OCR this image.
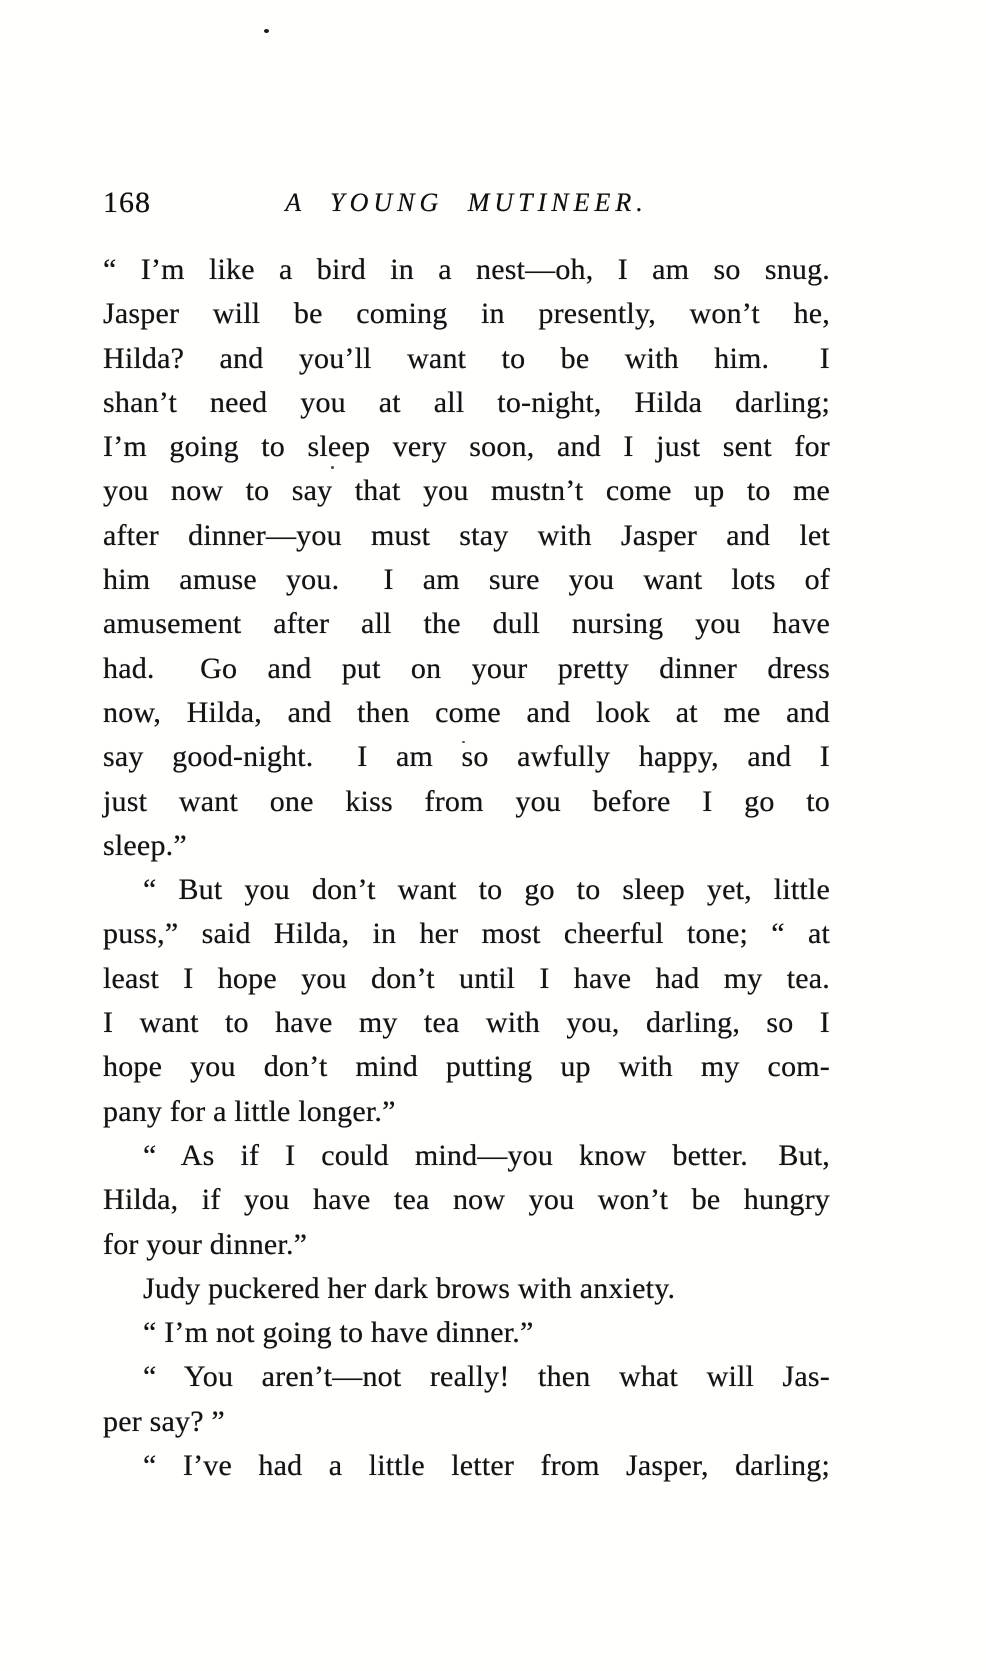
168	A YOUNG MUTINEER.
“ I’m like a bird in a nest—oh, I am so snug.
Jasper will be coming in presently, won’t he,
Hilda? and you’ll want to be with him.  I
shan’t need you at all to-night, Hilda darling;
I’m going to sleep very soon, and I just sent for
you now to say that you mustn’t come up to me
after dinner—you must stay with Jasper and let
him amuse you.  I am sure you want lots of
amusement after all the dull nursing you have
had.  Go and put on your pretty dinner dress
now, Hilda, and then come and look at me and
say good-night.  I am so awfully happy, and I
just want one kiss from you before I go to
sleep.”
“ But you don’t want to go to sleep yet, little
puss,” said Hilda, in her most cheerful tone; “ at
least I hope you don’t until I have had my tea.
I want to have my tea with you, darling, so I
hope you don’t mind putting up with my com-
pany for a little longer.”
“ As if I could mind—you know better.  But,
Hilda, if you have tea now you won’t be hungry
for your dinner.”
Judy puckered her dark brows with anxiety.
“ I’m not going to have dinner.”
“ You aren’t—not really! then what will Jas-
per say? ”
“ I’ve had a little letter from Jasper, darling;
